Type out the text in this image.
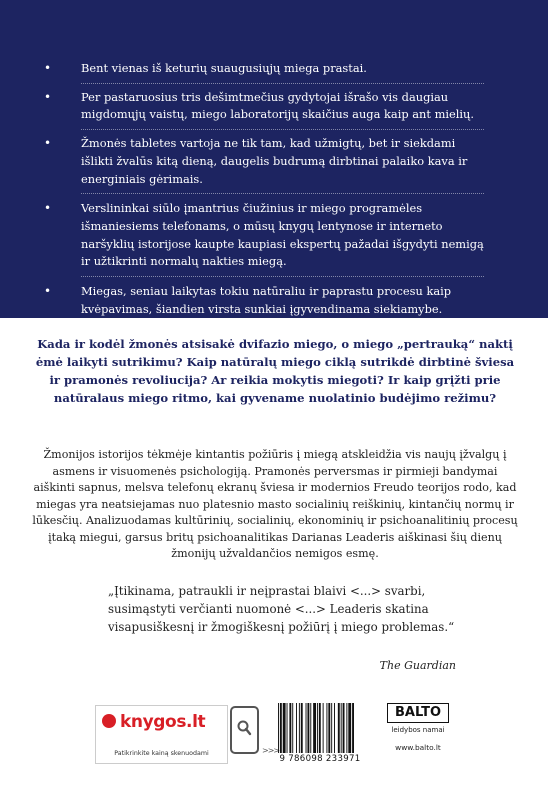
• Bent vienas iš keturių suaugusiųjų miega prastai.
• Per pastaruosius tris dešimtmečius gydytojai išrašo vis daugiau migdomųjų vaistų, miego laboratorijų skaičius auga kaip ant mielių.
• Žmonės tabletes vartoja ne tik tam, kad užmigtų, bet ir siekdami išlikti žvalūs kitą dieną, daugelis budrumą dirbtinai palaiko kava ir energiniais gėrimais.
• Verslininkai siūlo įmantrius čiužinius ir miego programėles išmaniesiems telefonams, o mūsų knygų lentynose ir interneto naršyklių istorijose kaupte kaupiasi ekspertų pažadai išgydyti nemigą ir užtikrinti normalų nakties miegą.
• Miegas, seniau laikytas tokiu natūraliu ir paprastu procesu kaip kvėpavimas, šiandien virsta sunkiai įgyvendinama siekiamybe.

Kada ir kodėl žmonės atsisakė dvifazio miego, o miego „pertrauką“ naktį ėmė laikyti sutrikimu? Kaip natūralų miego ciklą sutrikdė dirbtinė šviesa ir pramonės revoliucija? Ar reikia mokytis miegoti? Ir kaip grįžti prie natūralaus miego ritmo, kai gyvename nuolatinio budėjimo režimu?

Žmonijos istorijos tėkmėje kintantis požiūris į miegą atskleidžia vis naujų įžvalgų į asmens ir visuomenės psichologiją. Pramonės perversmas ir pirmieji bandymai aiškinti sapnus, melsva telefonų ekranų šviesa ir modernios Freudo teorijos rodo, kad miegas yra neatsiejamas nuo platesnio masto socialinių reiškinių, kintančių normų ir lūkesčių. Analizuodamas kultūrinių, socialinių, ekonominių ir psichoanalitinių procesų įtaką miegui, garsus britų psichoanalitikas Darianas Leaderis aiškinasi šių dienų žmonijų užvaldančios nemigos esmę.

„Įtikinama, patraukli ir neįprastai blaivi <...> svarbi, susimąstyti verčianti nuomonė <...> Leaderis skatina visapusiškesnį ir žmogiškesnį požiūrį į miego problemas.“

The Guardian

knygos.lt
Patikrinkite kainą skenuodami	>>>
9 786098 233971
BALTO
leidybos namai
www.balto.lt
